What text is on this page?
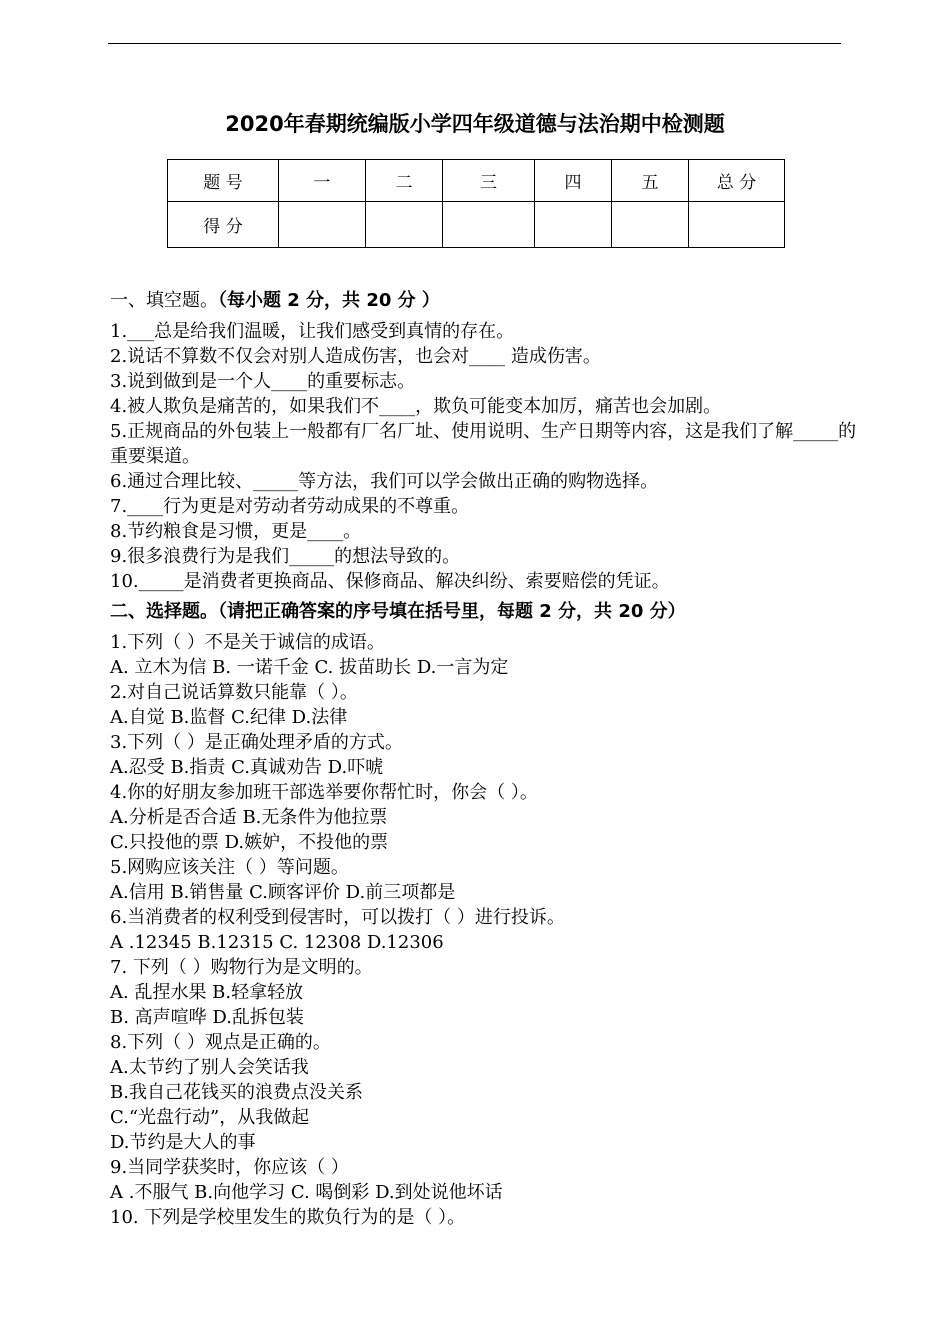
2020年春期统编版小学四年级道德与法治期中检测题
题 号	一	二	三	四	五	总 分
得 分						
一、填空题。（每小题 2 分，共 20 分 ）
1.___总是给我们温暖，让我们感受到真情的存在。
2.说话不算数不仅会对别人造成伤害，也会对____ 造成伤害。
3.说到做到是一个人____的重要标志。
4.被人欺负是痛苦的，如果我们不____，欺负可能变本加厉，痛苦也会加剧。
5.正规商品的外包装上一般都有厂名厂址、使用说明、生产日期等内容，这是我们了解_____的重要渠道。
6.通过合理比较、_____等方法，我们可以学会做出正确的购物选择。
7.____行为更是对劳动者劳动成果的不尊重。
8.节约粮食是习惯，更是____。
9.很多浪费行为是我们_____的想法导致的。
10._____是消费者更换商品、保修商品、解决纠纷、索要赔偿的凭证。
二、选择题。（请把正确答案的序号填在括号里，每题 2 分，共 20 分）
1.下列（ ）不是关于诚信的成语。
A. 立木为信 B. 一诺千金 C. 拔苗助长 D.一言为定
2.对自己说话算数只能靠（ ）。
A.自觉 B.监督 C.纪律 D.法律
3.下列（ ）是正确处理矛盾的方式。
A.忍受 B.指责 C.真诚劝告 D.吓唬
4.你的好朋友参加班干部选举要你帮忙时，你会（ ）。
A.分析是否合适 B.无条件为他拉票
C.只投他的票 D.嫉妒，不投他的票
5.网购应该关注（ ）等问题。
A.信用 B.销售量 C.顾客评价 D.前三项都是
6.当消费者的权利受到侵害时，可以拨打（ ）进行投诉。
A .12345 B.12315 C. 12308 D.12306
7. 下列（ ）购物行为是文明的。
A. 乱捏水果 B.轻拿轻放
B. 高声喧哗 D.乱拆包装
8.下列（ ）观点是正确的。
A.太节约了别人会笑话我
B.我自己花钱买的浪费点没关系
C.“光盘行动”，从我做起
D.节约是大人的事
9.当同学获奖时，你应该（ ）
A .不服气 B.向他学习 C. 喝倒彩 D.到处说他坏话
10. 下列是学校里发生的欺负行为的是（ ）。
